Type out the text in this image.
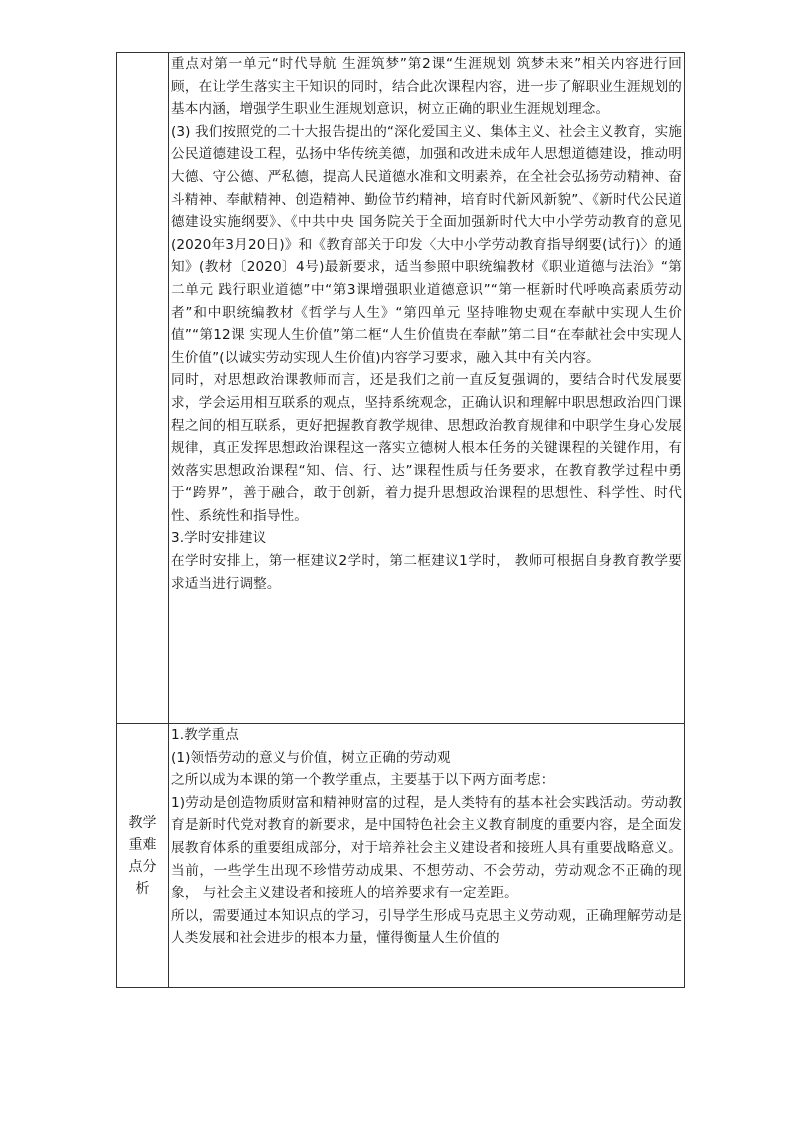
	重点对第一单元“时代导航 生涯筑梦”第2课“生涯规划 筑梦未来”相关内容进行回顾，在让学生落实主干知识的同时，结合此次课程内容，进一步了解职业生涯规划的基本内涵，增强学生职业生涯规划意识，树立正确的职业生涯规划理念。

(3) 我们按照党的二十大报告提出的“深化爱国主义、集体主义、社会主义教育，实施公民道德建设工程，弘扬中华传统美德，加强和改进未成年人思想道德建设，推动明大德、守公德、严私德，提高人民道德水准和文明素养，在全社会弘扬劳动精神、奋斗精神、奉献精神、创造精神、勤俭节约精神，培育时代新风新貌”、《新时代公民道德建设实施纲要》、《中共中央 国务院关于全面加强新时代大中小学劳动教育的意见(2020年3月20日)》和《教育部关于印发〈大中小学劳动教育指导纲要(试行)〉的通知》(教材〔2020〕4号)最新要求，适当参照中职统编教材《职业道德与法治》“第二单元 践行职业道德”中“第3课增强职业道德意识”“第一框新时代呼唤高素质劳动者”和中职统编教材《哲学与人生》“第四单元 坚持唯物史观在奉献中实现人生价值”“第12课 实现人生价值”第二框“人生价值贵在奉献”第二目“在奉献社会中实现人生价值”(以诚实劳动实现人生价值)内容学习要求，融入其中有关内容。

同时，对思想政治课教师而言，还是我们之前一直反复强调的，要结合时代发展要求，学会运用相互联系的观点，坚持系统观念，正确认识和理解中职思想政治四门课程之间的相互联系，更好把握教育教学规律、思想政治教育规律和中职学生身心发展规律，真正发挥思想政治课程这一落实立德树人根本任务的关键课程的关键作用，有效落实思想政治课程“知、信、行、达”课程性质与任务要求，在教育教学过程中勇于“跨界”，善于融合，敢于创新，着力提升思想政治课程的思想性、科学性、时代性、系统性和指导性。

3.学时安排建议

在学时安排上，第一框建议2学时，第二框建议1学时， 教师可根据自身教育教学要求适当进行调整。

教学重难点分析	1.教学重点

(1)领悟劳动的意义与价值，树立正确的劳动观

之所以成为本课的第一个教学重点，主要基于以下两方面考虑：

1)劳动是创造物质财富和精神财富的过程，是人类特有的基本社会实践活动。劳动教育是新时代党对教育的新要求，是中国特色社会主义教育制度的重要内容，是全面发展教育体系的重要组成部分，对于培养社会主义建设者和接班人具有重要战略意义。当前，一些学生出现不珍惜劳动成果、不想劳动、不会劳动，劳动观念不正确的现象， 与社会主义建设者和接班人的培养要求有一定差距。

所以，需要通过本知识点的学习，引导学生形成马克思主义劳动观，正确理解劳动是人类发展和社会进步的根本力量，懂得衡量人生价值的
